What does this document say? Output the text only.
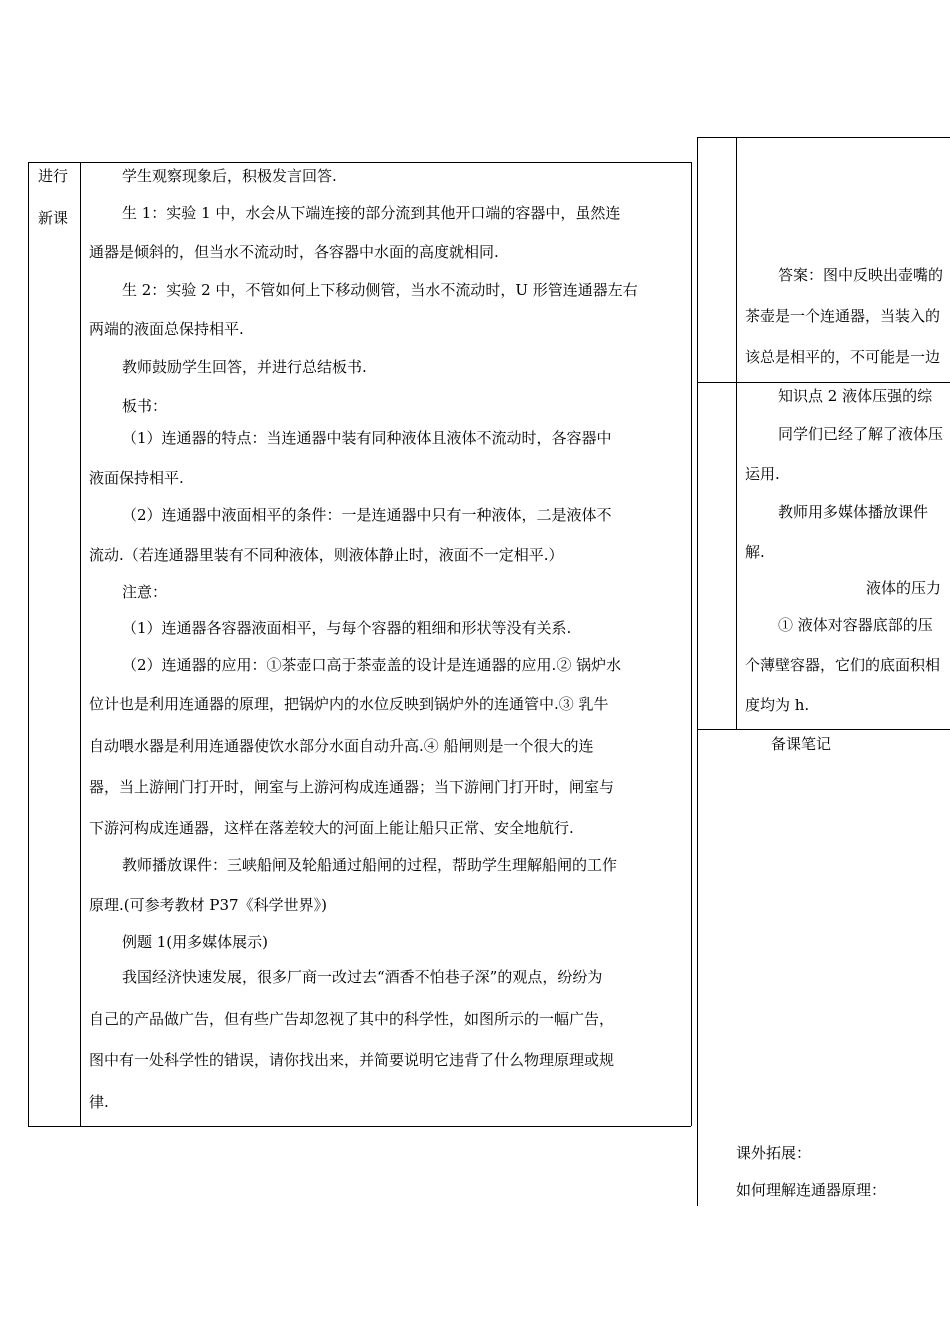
进行
新课
学生观察现象后，积极发言回答.
生 1：实验 1 中，水会从下端连接的部分流到其他开口端的容器中，虽然连
通器是倾斜的，但当水不流动时，各容器中水面的高度就相同.
生 2：实验 2 中，不管如何上下移动侧管，当水不流动时，U 形管连通器左右
两端的液面总保持相平.
教师鼓励学生回答，并进行总结板书.
板书：
（1）连通器的特点：当连通器中装有同种液体且液体不流动时，各容器中
液面保持相平.
（2）连通器中液面相平的条件：一是连通器中只有一种液体，二是液体不
流动.（若连通器里装有不同种液体，则液体静止时，液面不一定相平.）
注意：
（1）连通器各容器液面相平，与每个容器的粗细和形状等没有关系.
（2）连通器的应用：①茶壶口高于茶壶盖的设计是连通器的应用.② 锅炉水
位计也是利用连通器的原理，把锅炉内的水位反映到锅炉外的连通管中.③ 乳牛
自动喂水器是利用连通器使饮水部分水面自动升高.④ 船闸则是一个很大的连
器，当上游闸门打开时，闸室与上游河构成连通器；当下游闸门打开时，闸室与
下游河构成连通器，这样在落差较大的河面上能让船只正常、安全地航行.
教师播放课件：三峡船闸及轮船通过船闸的过程，帮助学生理解船闸的工作
原理.(可参考教材 P37《科学世界》)
例题 1(用多媒体展示)
我国经济快速发展，很多厂商一改过去“酒香不怕巷子深”的观点，纷纷为
自己的产品做广告，但有些广告却忽视了其中的科学性，如图所示的一幅广告，
图中有一处科学性的错误，请你找出来，并简要说明它违背了什么物理原理或规
律.
答案：图中反映出壶嘴的
茶壶是一个连通器，当装入的
该总是相平的，不可能是一边
知识点 2 液体压强的综
同学们已经了解了液体压
运用.
教师用多媒体播放课件
解.
液体的压力
① 液体对容器底部的压
个薄壁容器，它们的底面积相
度均为 h.
备课笔记
课外拓展：
如何理解连通器原理：
